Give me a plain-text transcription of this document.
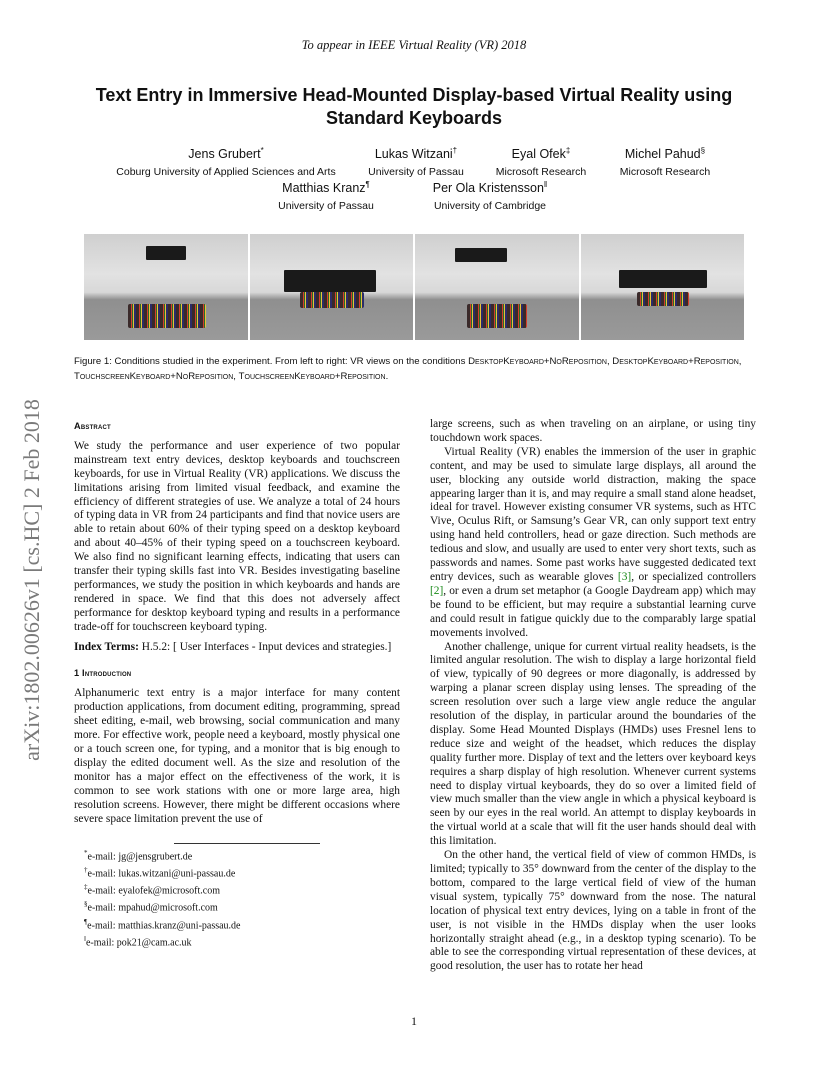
To appear in IEEE Virtual Reality (VR) 2018
Text Entry in Immersive Head-Mounted Display-based Virtual Reality using Standard Keyboards
Jens Grubert*
Coburg University of Applied Sciences and Arts
Lukas Witzani†
University of Passau
Eyal Ofek‡
Microsoft Research
Michel Pahud§
Microsoft Research
Matthias Kranz¶
University of Passau
Per Ola Kristensson‖
University of Cambridge
arXiv:1802.00626v1 [cs.HC] 2 Feb 2018
Figure 1: Conditions studied in the experiment. From left to right: VR views on the conditions DesktopKeyboard+NoReposition, DesktopKeyboard+Reposition, TouchscreenKeyboard+NoReposition, TouchscreenKeyboard+Reposition.
Abstract

We study the performance and user experience of two popular mainstream text entry devices, desktop keyboards and touchscreen keyboards, for use in Virtual Reality (VR) applications. We discuss the limitations arising from limited visual feedback, and examine the efficiency of different strategies of use. We analyze a total of 24 hours of typing data in VR from 24 participants and find that novice users are able to retain about 60% of their typing speed on a desktop keyboard and about 40–45% of their typing speed on a touchscreen keyboard. We also find no significant learning effects, indicating that users can transfer their typing skills fast into VR. Besides investigating baseline performances, we study the position in which keyboards and hands are rendered in space. We find that this does not adversely affect performance for desktop keyboard typing and results in a performance trade-off for touchscreen keyboard typing.

Index Terms: H.5.2: [ User Interfaces - Input devices and strategies.]

1 Introduction

Alphanumeric text entry is a major interface for many content production applications, from document editing, programming, spread sheet editing, e-mail, web browsing, social communication and many more. For effective work, people need a keyboard, mostly physical one or a touch screen one, for typing, and a monitor that is big enough to display the edited document well. As the size and resolution of the monitor has a major effect on the effectiveness of the work, it is common to see work stations with one or more large area, high resolution screens. However, there might be different occasions where severe space limitation prevent the use of

large screens, such as when traveling on an airplane, or using tiny touchdown work spaces.

Virtual Reality (VR) enables the immersion of the user in graphic content, and may be used to simulate large displays, all around the user, blocking any outside world distraction, making the space appearing larger than it is, and may require a small stand alone headset, ideal for travel. However existing consumer VR systems, such as HTC Vive, Oculus Rift, or Samsung’s Gear VR, can only support text entry using hand held controllers, head or gaze direction. Such methods are tedious and slow, and usually are used to enter very short texts, such as passwords and names. Some past works have suggested dedicated text entry devices, such as wearable gloves [3], or specialized controllers [2], or even a drum set metaphor (a Google Daydream app) which may be found to be efficient, but may require a substantial learning curve and could result in fatigue quickly due to the comparably large spatial movements involved.

Another challenge, unique for current virtual reality headsets, is the limited angular resolution. The wish to display a large horizontal field of view, typically of 90 degrees or more diagonally, is addressed by warping a planar screen display using lenses. The spreading of the screen resolution over such a large view angle reduce the angular resolution of the display, in particular around the boundaries of the display. Some Head Mounted Displays (HMDs) uses Fresnel lens to reduce size and weight of the headset, which reduces the display quality further more. Display of text and the letters over keyboard keys requires a sharp display of high resolution. Whenever current systems need to display virtual keyboards, they do so over a limited field of view much smaller than the view angle in which a physical keyboard is seen by our eyes in the real world. An attempt to display keyboards in the virtual world at a scale that will fit the user hands should deal with this limitation.

On the other hand, the vertical field of view of common HMDs, is limited; typically to 35° downward from the center of the display to the bottom, compared to the large vertical field of view of the human visual system, typically 75° downward from the nose. The natural location of physical text entry devices, lying on a table in front of the user, is not visible in the HMDs display when the user looks horizontally straight ahead (e.g., in a desktop typing scenario). To be able to see the corresponding virtual representation of these devices, at good resolution, the user has to rotate her head

*e-mail: jg@jensgrubert.de
†e-mail: lukas.witzani@uni-passau.de
‡e-mail: eyalofek@microsoft.com
§e-mail: mpahud@microsoft.com
¶e-mail: matthias.kranz@uni-passau.de
‖e-mail: pok21@cam.ac.uk
1
